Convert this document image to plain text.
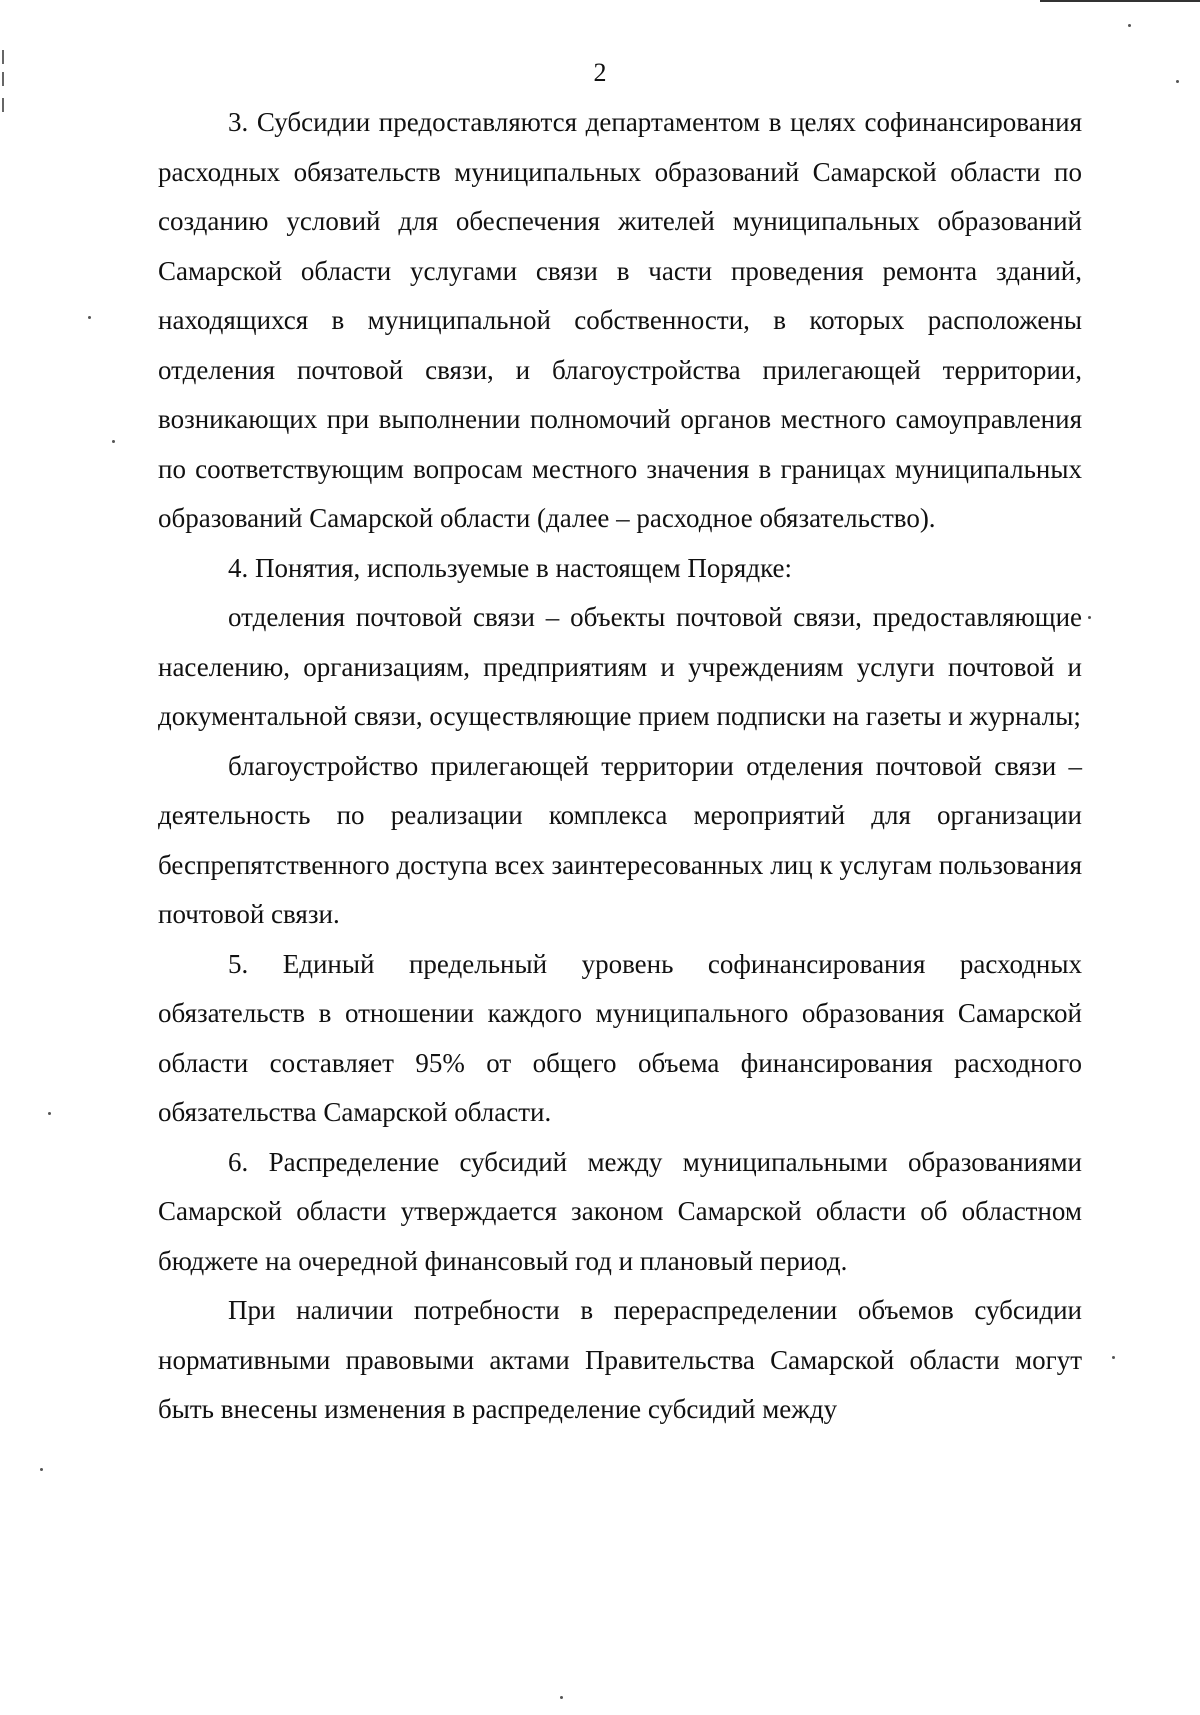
2

3. Субсидии предоставляются департаментом в целях софинансирования расходных обязательств муниципальных образований Самарской области по созданию условий для обеспечения жителей муниципальных образований Самарской области услугами связи в части проведения ремонта зданий, находящихся в муниципальной собственности, в которых расположены отделения почтовой связи, и благоустройства прилегающей территории, возникающих при выполнении полномочий органов местного самоуправления по соответствующим вопросам местного значения в границах муниципальных образований Самарской области (далее – расходное обязательство).

4. Понятия, используемые в настоящем Порядке:

отделения почтовой связи – объекты почтовой связи, предоставляющие населению, организациям, предприятиям и учреждениям услуги почтовой и документальной связи, осуществляющие прием подписки на газеты и журналы;

благоустройство прилегающей территории отделения почтовой связи – деятельность по реализации комплекса мероприятий для организации беспрепятственного доступа всех заинтересованных лиц к услугам пользования почтовой связи.

5. Единый предельный уровень софинансирования расходных обязательств в отношении каждого муниципального образования Самарской области составляет 95% от общего объема финансирования расходного обязательства Самарской области.

6. Распределение субсидий между муниципальными образованиями Самарской области утверждается законом Самарской области об областном бюджете на очередной финансовый год и плановый период.

При наличии потребности в перераспределении объемов субсидии нормативными правовыми актами Правительства Самарской области могут быть внесены изменения в распределение субсидий между
